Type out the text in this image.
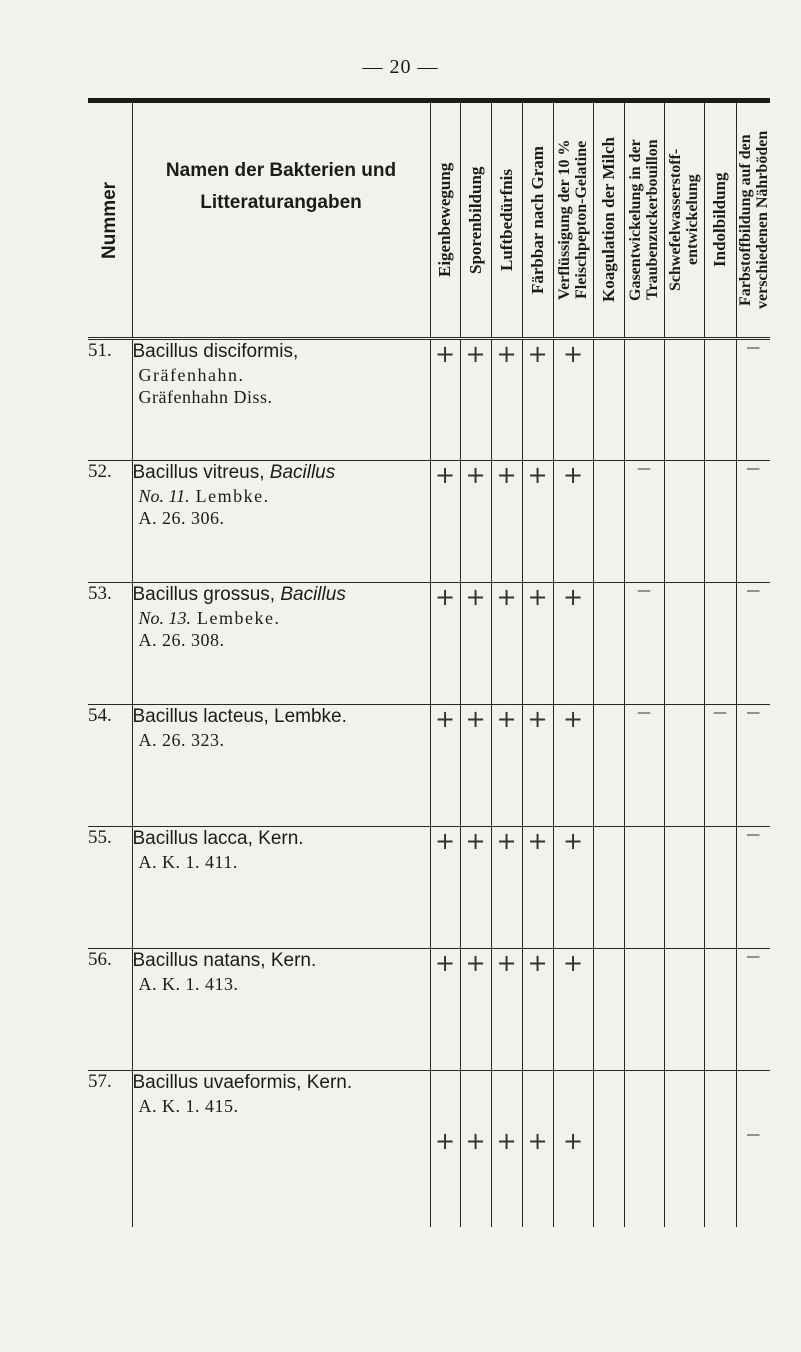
— 20 —
Nummer	Namen der Bakterien und
Litteraturangaben	Eigenbewegung	Sporenbildung	Luftbedürfnis	Färbbar nach Gram	Verflüssigung der 10 %
Fleischpepton-Gelatine	Koagulation der Milch	Gasentwickelung in der
Traubenzuckerbouillon	Schwefelwasserstoff-
entwickelung	Indolbildung	Farbstoffbildung auf den
verschiedenen Nährböden

51.	Bacillus disciformis,
Gräfenhahn.
Gräfenhahn Diss.	+	+	+	+	+					—
52.	Bacillus vitreus, Bacillus
No. 11. Lembke.
A. 26. 306.	+	+	+	+	+		—			—
53.	Bacillus grossus, Bacillus
No. 13. Lembeke.
A. 26. 308.	+	+	+	+	+		—			—
54.	Bacillus lacteus, Lembke.
A. 26. 323.	+	+	+	+	+		—		—	—
55.	Bacillus lacca, Kern.
A. K. 1. 411.	+	+	+	+	+					—
56.	Bacillus natans, Kern.
A. K. 1. 413.	+	+	+	+	+					—
57.	Bacillus uvaeformis, Kern.
A. K. 1. 415.	+	+	+	+	+					—
